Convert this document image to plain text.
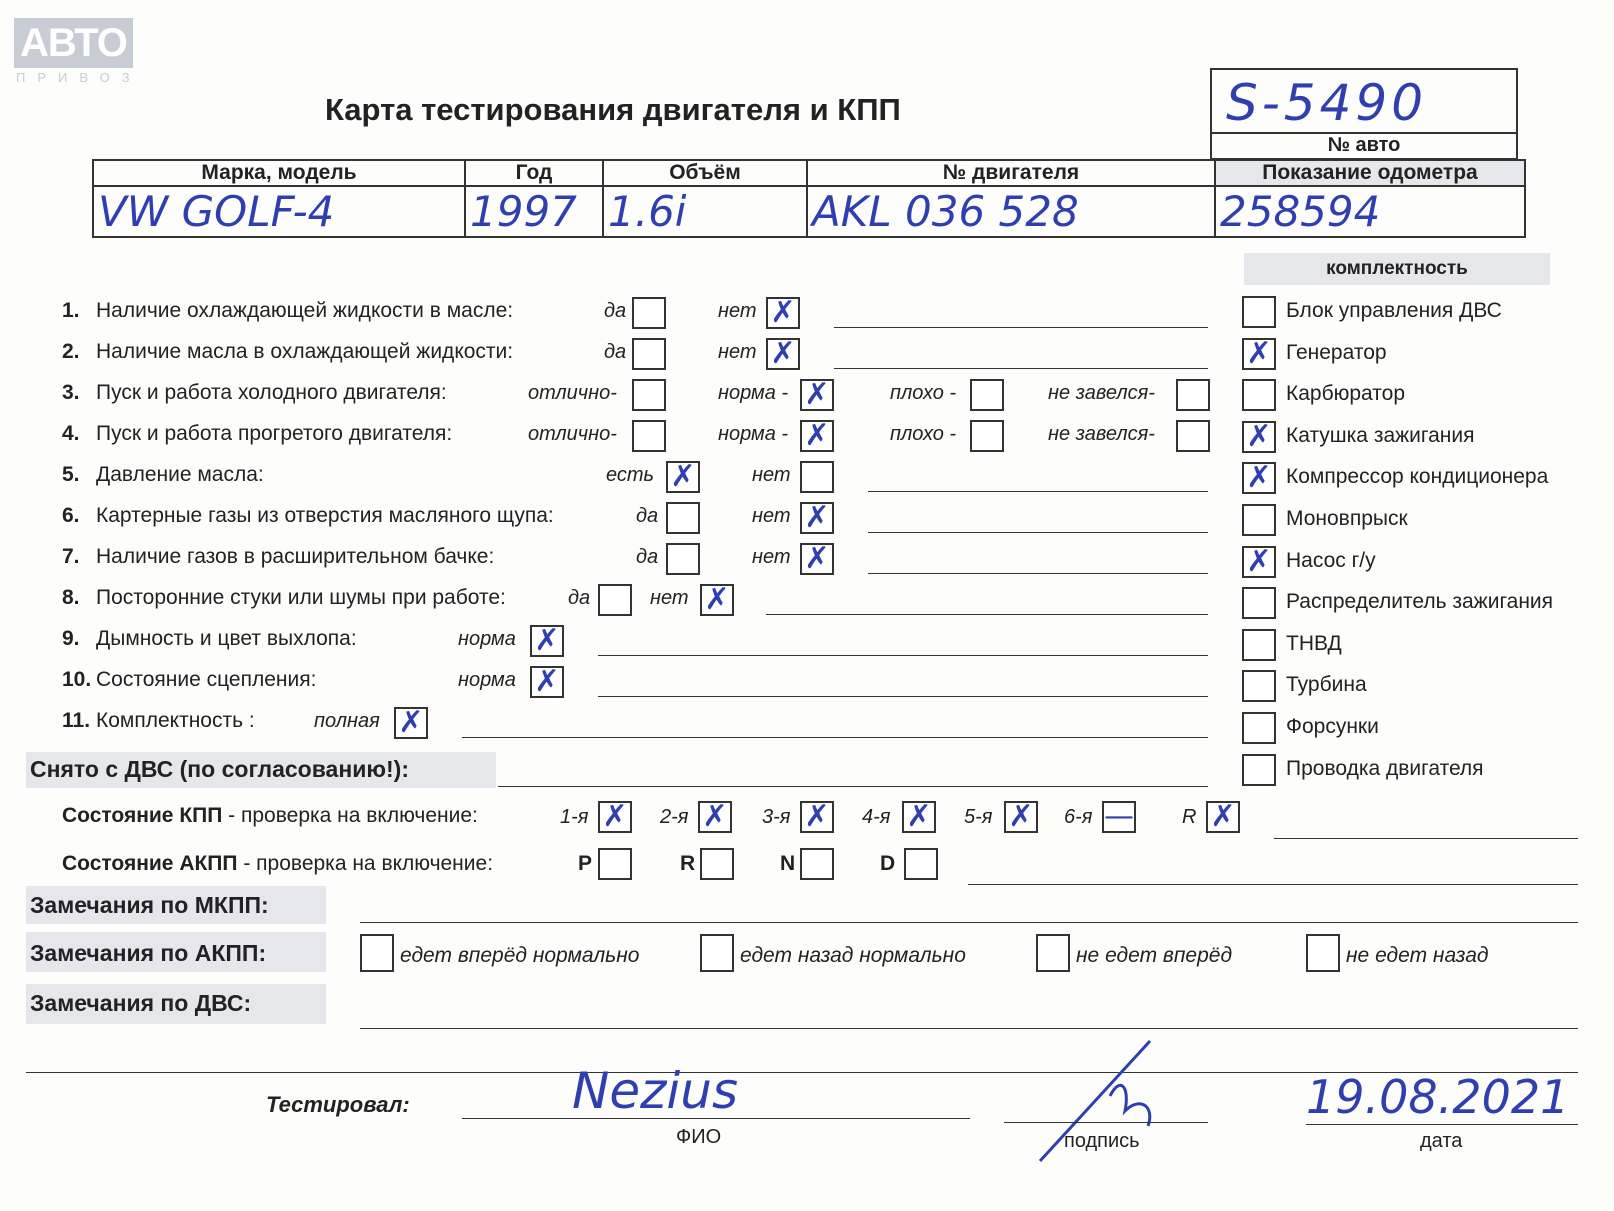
АВТО
ПРИВОЗ
Карта тестирования двигателя и КПП	S-5490
№ авто
Марка, модель	Год	Объём	№ двигателя	Показание одометра
VW GOLF-4	1997	1.6i	AKL 036 528	258594
комплектность
Блок управления ДВС
✗ Генератор
Карбюратор
✗ Катушка зажигания
✗ Компрессор кондиционера
Моновпрыск
✗ Насос г/у
Распределитель зажигания
ТНВД
Турбина
Форсунки
Проводка двигателя
1. Наличие охлаждающей жидкости в масле:	да	нет ✗
2. Наличие масла в охлаждающей жидкости:	да	нет ✗
3. Пуск и работа холодного двигателя:	отлично-	норма - ✗	плохо -	не завелся-
4. Пуск и работа прогретого двигателя:	отлично-	норма - ✗	плохо -	не завелся-
5. Давление масла:	есть ✗	нет
6. Картерные газы из отверстия масляного щупа:	да	нет ✗
7. Наличие газов в расширительном бачке:	да	нет ✗
8. Посторонние стуки или шумы при работе:	да	нет ✗
9. Дымность и цвет выхлопа:	норма ✗
10. Состояние сцепления:	норма ✗
11. Комплектность :	полная ✗
Снято с ДВС (по согласованию!):
Состояние КПП - проверка на включение:	1-я ✗ 2-я ✗ 3-я ✗ 4-я ✗ 5-я ✗ 6-я — R ✗
Состояние АКПП - проверка на включение:	P	R	N	D
Замечания по МКПП:
Замечания по АКПП:	едет вперёд нормально	едет назад нормально	не едет вперёд	не едет назад
Замечания по ДВС:
Тестировал:	Nezius
ФИО	подпись
19.08.2021
дата
